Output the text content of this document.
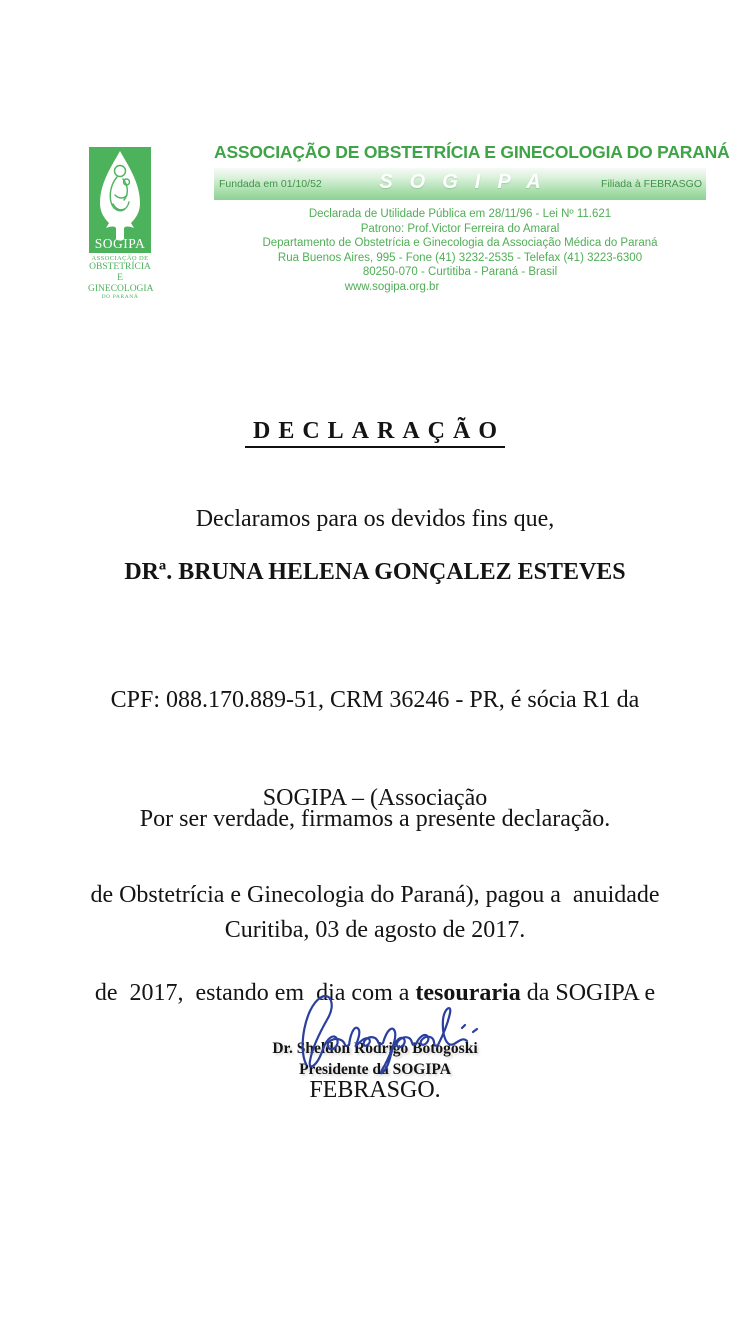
SOGIPA
ASSOCIAÇÃO DE
OBSTETRÍCIA E
GINECOLOGIA
DO PARANÁ
ASSOCIAÇÃO DE OBSTETRÍCIA E GINECOLOGIA DO PARANÁ
Fundada em 01/10/52	SOGIPA	Filiada à FEBRASGO
Declarada de Utilidade Pública em 28/11/96 - Lei Nº 11.621
Patrono: Prof.Victor Ferreira do Amaral
Departamento de Obstetrícia e Ginecologia da Associação Médica do Paraná
Rua Buenos Aires, 995 - Fone (41) 3232-2535 - Telefax (41) 3223-6300
80250-070 - Curtitiba - Paraná - Brasil
www.sogipa.org.br
DECLARAÇÃO
Declaramos para os devidos fins que,
DRª. BRUNA HELENA GONÇALEZ ESTEVES

CPF: 088.170.889-51, CRM 36246 - PR, é sócia R1 da

SOGIPA – (Associação

de Obstetrícia e Ginecologia do Paraná), pagou a  anuidade

de  2017,  estando em  dia com a tesouraria da SOGIPA e

FEBRASGO.

Por ser verdade, firmamos a presente declaração.
Curitiba, 03 de agosto de 2017.
Dr. Sheldon Rodrigo Botogoski
Presidente da SOGIPA
